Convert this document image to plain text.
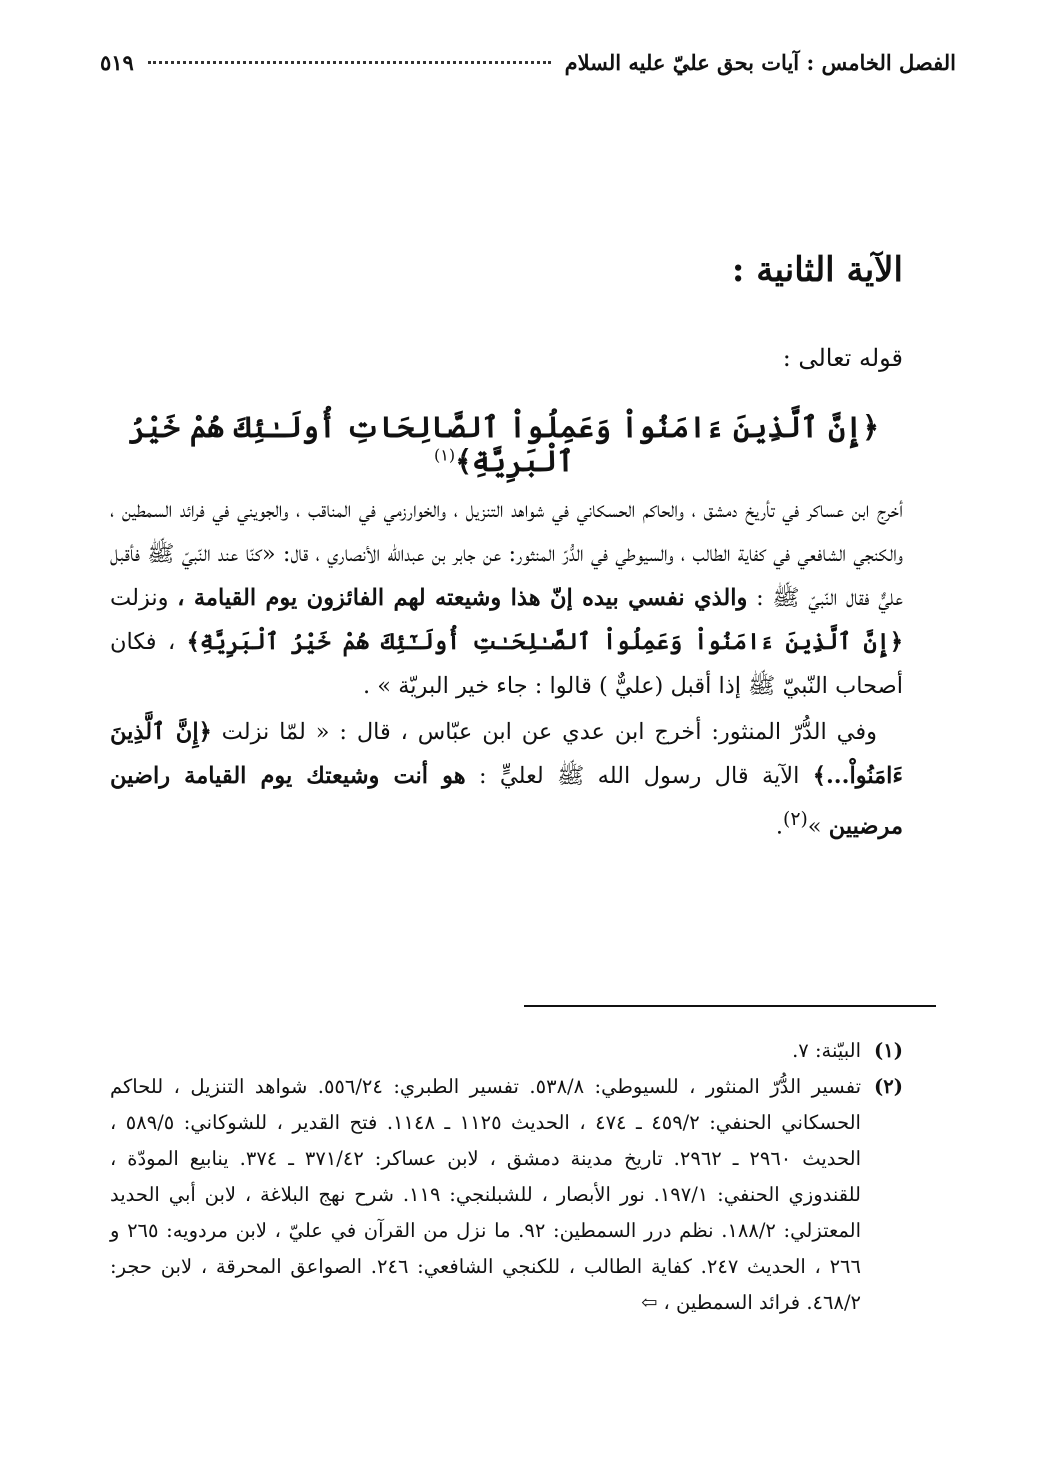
الفصل الخامس : آيات بحق عليّ عليه السلام
٥١٩
الآية الثانية :

قوله تعالى :

﴿إِنَّ ٱلَّذِينَ ءَامَنُواْ وَعَمِلُواْ ٱلصَّالِحَاتِ أُولَـٰئِكَ هُمْ خَيْرُ ٱلْبَرِيَّةِ﴾$^{(١)}$

أخرج ابن عساكر في تأريخ دمشق ، والحاكم الحسكاني في شواهد التنزيل ، والخوارزمي في المناقب ، والجويني في فرائد السمطين ، والكنجي الشافعي في كفاية الطالب ، والسيوطي في الدُّرّ المنثور: عن جابر بن عبدالله الأنصاري ، قال: «كنّا عند النّبيّ ﷺ فأقبل عليٌّ فقال النّبيّ ﷺ : والذي نفسي بيده إنّ هذا وشيعته لهم الفائزون يوم القيامة ، ونزلت ﴿إِنَّ ٱلَّذِينَ ءَامَنُواْ وَعَمِلُواْ ٱلصَّـٰلِحَـٰتِ أُولَـٰٓئِكَ هُمْ خَيْرُ ٱلْبَرِيَّةِ﴾ ، فكان أصحاب النّبيّ ﷺ إذا أقبل (عليٌّ ) قالوا : جاء خير البريّة » .

وفي الدُّرّ المنثور: أخرج ابن عدي عن ابن عبّاس ، قال : « لمّا نزلت ﴿إِنَّ ٱلَّذِينَ ءَامَنُواْ...﴾ الآية قال رسول الله ﷺ لعليٍّ : هو أنت وشيعتك يوم القيامة راضين مرضيين »$^{(٢)}$.

(١)
البيّنة: ٧.
(٢)
تفسير الدُّرّ المنثور ، للسيوطي: ٥٣٨/٨. تفسير الطبري: ٥٥٦/٢٤. شواهد التنزيل ، للحاكم الحسكاني الحنفي: ٤٥٩/٢ ـ ٤٧٤ ، الحديث ١١٢٥ ـ ١١٤٨. فتح القدير ، للشوكاني: ٥٨٩/٥ ، الحديث ٢٩٦٠ ـ ٢٩٦٢. تاريخ مدينة دمشق ، لابن عساكر: ٣٧١/٤٢ ـ ٣٧٤. ينابيع المودّة ، للقندوزي الحنفي: ١٩٧/١. نور الأبصار ، للشبلنجي: ١١٩. شرح نهج البلاغة ، لابن أبي الحديد المعتزلي: ١٨٨/٢. نظم درر السمطين: ٩٢. ما نزل من القرآن في عليّ ، لابن مردويه: ٢٦٥ و ٢٦٦ ، الحديث ٢٤٧. كفاية الطالب ، للكنجي الشافعي: ٢٤٦. الصواعق المحرقة ، لابن حجر: ٤٦٨/٢. فرائد السمطين ، ⇦
